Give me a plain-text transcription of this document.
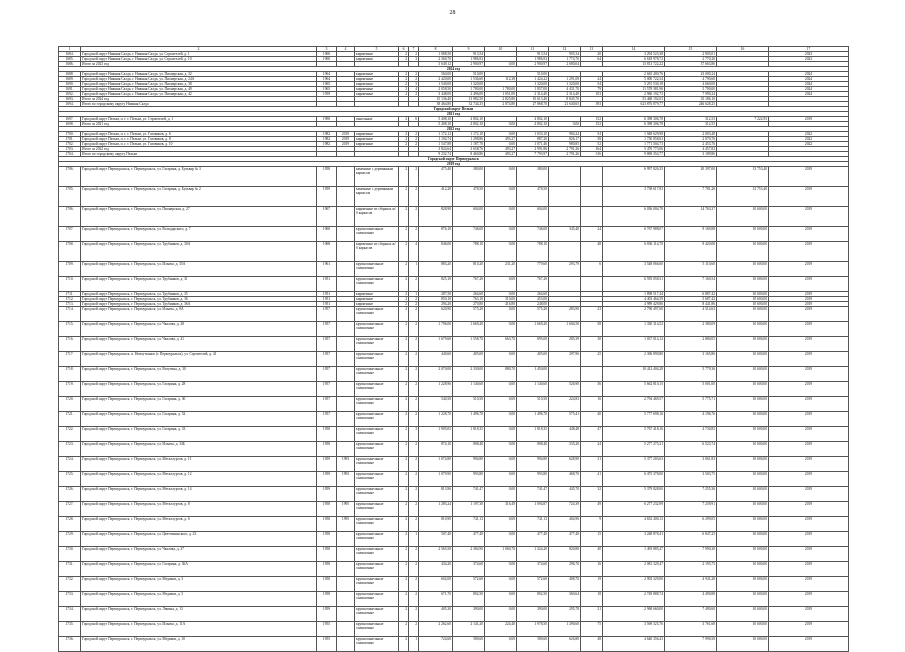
28
1	2	3	4	5	6	7	8	9	10	11	12	13	14	15	16	17
1684.	Городской округ Нижняя Салда, г. Нижняя Салда, ул. Строителей, д. 1	1960		кирпичные	2	2	1 088,50	913,54		913,54	905,34	20	3 294 523,38	2 905,01		2023
1685.	Городской округ Нижняя Салда, г. Нижняя Салда, ул. Строителей, д. 10	1960		кирпичные	2	3	2 360,70	1 986,93		1 986,93	1 774,70	64	6 618 978,72	2 770,20		2023
1686.	Итого за 2023 год						3 649,12	2 900,97	0,00	2 900,97	2 680,04		13 813 722,22	37 663,86		
2024 год																
1688.	Городской округ Нижняя Салда, г. Нижняя Салда, ул. Пионерская, д. 32	1964		кирпичные	2	2	560,00	510,00		510,00			2 665 400,76	23 000,24		2024
1689.	Городской округ Нижняя Салда, г. Нижняя Салда, ул. Пионерская, д. 24А	1964		кирпичные	2	2	2 420,00	1 536,60	112,38	1 424,22	1 291,08	24	5 000 722,54	4 790,60		2024
1690.	Городской округ Нижняя Салда, г. Нижняя Салда, ул. Пионерская, д. 38	1965		кирпичные	2	3	1 540,00	1 320,00		1 320,00	1 320,00	54	5 291 530,18	4 660,00		2024
1691.	Городской округ Нижняя Салда, г. Нижняя Салда, ул. Пионерская, д. 40	1965		кирпичные	3	4	2 058,50	1 780,00	1 780,00	1 857,00	4 431,70	79	11 578 381,96	5 790,00		2024
1692.	Городской округ Нижняя Салда, г. Нижняя Салда, ул. Пионерская, д. 42	1959		кирпичные	2	2	3 448,00	2 496,00	1 051,00	2 314,40	2 314,40	103	2 960 192,73	7 990,24		2024
1693.	Итого за 2024 год						15 136,40	13 982,50	2 825,80	10 613,40	8 845,70		53 468 192,03	35 186,10		
1694.	Итого по городскому округу Нижняя Салда						38 464,80	32 744,35	2 874,80	27 868,70	21 640,65	393	623 876 879,77	246 628,25		
Городской округ Пелым																
2021 год																
1697.	Городской округ Пелым, п. г. т. Пелым, ул. Строителей, д. 1	1990		панельные	2	6	5 408,10	4 802,10		4 802,10		152	6 398 306,78	312,55	7 222,95	2019
1698.	Итого за 2021 год						5 408,10	4 802,10	0,00	4 802,10	0,00	152	6 398 306,78	312,55		
2022 год																
1700.	Городской округ Пелым, п. г. т. Пелым, ул. Газовиков, д. 6	1982	2019	кирпичные	2	2	1 172,12	1 172,10	0,00	1 033,10	984,24	54	1 948 629,98	2 003,48		2022
1701.	Городской округ Пелым, п. г. т. Пелым, ул. Газовиков, д. 8	1982	2019	кирпичные	2	2	1 104,74	1 298,86	493,27	887,20	826,17	58	1 750 858,03	2 070,76		2022
1702.	Городской округ Пелым, п. г. т. Пелым, ул. Газовиков, д. 10	1982	2019	кирпичные	2	2	1 547,88	1 187,70	0,00	1 071,46	980,85	52	1 771 504,73	2 453,76		2022
1703.	Итого за 2022 год						3 824,64	3 658,76	493,27	2 991,86	2 791,26	164	5 470 773,06	4 457,82		
1704.	Итого по городскому округу Пелым						9 232,74	8 460,86	493,27	7 793,97	2 791,26	316	9 869 354,77	3 189,86		
Городской округ Первоуральск																
2019 год																
1706.	Городской округ Первоуральск, г. Первоуральск, ул. Гагарина, д. Бульвар № 3	1958		каменные с деревянным каркасом	2	2	475,40	380,00	0,00	380,00			6 997 826,35	20 397,00	13 753,40	2019
1705.	Городской округ Первоуральск, г. Первоуральск, ул. Гагарина, д. Бульвар № 2	1959		каменные с деревянным каркасом	2	2	412,20	478,50	0,00	478,50			3 738 617,83	7 781,26	13 753,40	2019
1706.	Городской округ Первоуральск, г. Первоуральск, ул. Пионерская, д. 27	1967		кирпичные из сборных ж/б каркасов	2	2	828,90	604,00	0,00	604,00			6 036 004,78	14 763,37	10 600,00	2019
1707.	Городской округ Первоуральск, г. Первоуральск, ул. Володарского, д. 7	1960		крупнопанельные силикатные	2	2	876,10	746,00	0,00	746,00	345,40	24	6 767 988,07	9 169,88	10 600,00	2019
1708.	Городской округ Первоуральск, г. Первоуральск, ул. Трубников, д. 30А	1968		кирпичные из сборных ж/б каркасов	2	4	846,00	788,10	0,00	788,10		48	6 836 114,70	9 420,00	10 600,00	2019
1709.	Городской округ Первоуральск, г. Первоуральск, ул. Ильича, д. 35А	1961		крупнопанельные силикатные	2	1	883,20	810,20	231,20	779,60	293,79	6	3 548 066,00	5 110,60	10 600,00	2019
1710.	Городской округ Первоуральск, г. Первоуральск, ул. Трубников, д. 31	1951		крупнопанельные силикатные	2	2	825,10	767,20	0,00	767,20			6 595 058,31	7 160,54	10 600,00	2019
1711.	Городской округ Первоуральск, г. Первоуральск, ул. Трубников, д. 35	1951		кирпичные	2	1	287,50	264,60	0,00	264,60			1 898 517,44	6 887,42	10 600,00	2019
1712.	Городской округ Первоуральск, г. Первоуральск, ул. Трубников, д. 36	1951		кирпичные	2	2	850,10	763,10	310,00	453,00			4 403 464,59	5 687,42	10 600,00	2019
1713.	Городской округ Первоуральск, г. Первоуральск, ул. Трубников, д. 36А	1951		кирпичные	2	2	294,20	270,80	416,80	248,00			4 989 429,86	8 441,86	10 600,00	2019
1714.	Городской округ Первоуральск, г. Первоуральск, ул. Ильича, д. 8А	1957		крупнопанельные силикатные	2	2	620,90	575,20	0,00	575,20	283,90	23	2 790 497,60	4 514,63	10 600,00	2019
1715.	Городской округ Первоуральск, г. Первоуральск, ул. Чкалова, д. 28	1957		крупнопанельные силикатные	2	2	1 796,00	1 669,20	0,00	1 669,20	1 604,50	58	1 330 314,52	2 380,09	10 600,00	2019
1716.	Городской округ Первоуральск, г. Первоуральск, ул. Чкалова, д. 41	1957		крупнопанельные силикатные	2	2	1 679,60	1 558,70	663,70	895,00	285,39	30	1 037 014,12	2 880,05	10 600,00	2019
1717.	Городской округ Первоуральск, п. Новоуткинск (г. Первоуральск), ул. Строителей, д. 41	1957		крупнопанельные силикатные	2	2	440,60	405,00	0,00	405,00	297,96	25	2 306 890,80	3 165,86	10 600,00	2019
1718.	Городской округ Первоуральск, г. Первоуральск, ул. Ватутина, д. 30	1957		крупнопанельные силикатные	2	2	2 070,00	2 330,00	880,70	1 450,00			10 412 404,28	5 779,36	10 600,00	2019
1719.	Городской округ Первоуральск, г. Первоуральск, ул. Гагарина, д. 28	1957		крупнопанельные силикатные	2	2	1 228,96	1 140,60	0,00	1 140,60	526,90	36	5 662 810,15	5 001,00	10 600,00	2019
1720.	Городской округ Первоуральск, г. Первоуральск, ул. Гагарина, д. 30	1957		крупнопанельные силикатные	2	2	540,50	510,50	0,00	510,50	224,83	16	2 794 469,57	5 775,71	10 600,00	2019
1721.	Городской округ Первоуральск, г. Первоуральск, ул. Гагарина, д. 32	1957		крупнопанельные силикатные	2	2	1 228,70	1 496,70	0,00	1 496,70	575,41	40	5 777 698,16	4 196,76	10 600,00	2019
1722.	Городской округ Первоуральск, г. Первоуральск, ул. Гагарина, д. 33	1958		крупнопанельные силикатные	2	3	1 905,05	1 818,35	0,00	1 818,35	448,48	47	5 767 418,16	4 730,85	10 600,00	2019
1723.	Городской округ Первоуральск, г. Первоуральск, ул. Ильича, д. 34Б	1958		крупнопанельные силикатные	2	2	874,10	808,40	0,00	808,40	335,20	24	5 277 275,21	6 523,74	10 600,00	2019
1724.	Городской округ Первоуральск, г. Первоуральск, ул. Металлургов, д. 11	1959	1993	крупнопанельные силикатные	2	2	1 074,80	994,80	0,00	994,80	628,90	31	5 377 203,63	3 061,83	10 600,00	2019
1725.	Городской округ Первоуральск, г. Первоуральск, ул. Металлургов, д. 12	1959	1993	крупнопанельные силикатные	2	2	1 079,90	993,80	0,00	993,80	468,70	41	6 475 378,00	3 503,75	10 600,00	2019
1726.	Городской округ Первоуральск, г. Первоуральск, ул. Металлургов, д. 14	1959		крупнопанельные силикатные	2	2	813,96	741,47	0,00	741,47	445,70	32	5 379 828,00	7 255,36	10 600,00	2019
1727.	Городской округ Первоуральск, г. Первоуральск, ул. Металлургов, д. 8	1958	1995	крупнопанельные силикатные	2	2	1 285,24	1 197,30	316,49	1 094,87	724,39	49	6 277 232,99	7 239,91	10 600,00	2019
1728.	Городской округ Первоуральск, г. Первоуральск, ул. Металлургов, д. 6	1958	1995	крупнопанельные силикатные	2	2	810,90	741,13	0,00	741,13	404,96	9	4 652 400,13	6 299,05	10 600,00	2019
1729.	Городской округ Первоуральск, г. Первоуральск, ул. Цветочнинского, д. 23	1958		крупнопанельные силикатные	2	1	507,40	477,40	0,00	477,40	477,40	15	3 248 878,41	6 847,25	10 600,00	2019
1730.	Городской округ Первоуральск, г. Первоуральск, ул. Чкалова, д. 37	1958		крупнопанельные силикатные	2	2	2 565,50	2 384,90	1 060,70	1 324,20	820,80	40	1 493 885,47	7 990,30	10 600,00	2019
1731.	Городской округ Первоуральск, г. Первоуральск, ул. Гагарина, д. 36А	1958		крупнопанельные силикатные	2	2	434,20	374,60	0,00	374,60	296,70	16	2 081 329,47	2 193,75	10 600,00	2019
1732.	Городской округ Первоуральск, г. Первоуральск, ул. Медиков, д. 3	1958		крупнопанельные силикатные	2	2	602,00	572,60	0,00	572,60	408,70	19	2 903 329,00	4 941,20	10 600,00	2019
1733.	Городской округ Первоуральск, г. Первоуральск, ул. Медиков, д. 5	1958		крупнопанельные силикатные	2	2	671,70	802,50	0,00	802,50	360,64	18	2 749 888,74	4 490,88	10 600,00	2019
1734.	Городской округ Первоуральск, г. Первоуральск, ул. Ленина, д. 13	1959		крупнопанельные силикатные	2	2	405,30	390,00	0,00	390,00	295,78	21	2 968 660,00	7 490,60	10 600,00	2019
1735.	Городской округ Первоуральск, г. Первоуральск, ул. Ильича, д. 11А	1955		крупнопанельные силикатные	2	2	2 262,60	2 141,20	224,40	1 978,50	1 290,60	75	3 569 325,76	3 761,68	10 600,00	2019
1736.	Городской округ Первоуральск, г. Первоуральск, ул. Медиков, д. 10	1955		крупнопанельные силикатные	2	1	724,60	580,60	0,00	580,60	626,80	48	4 640 356,43	7 990,50	10 600,00	2019
